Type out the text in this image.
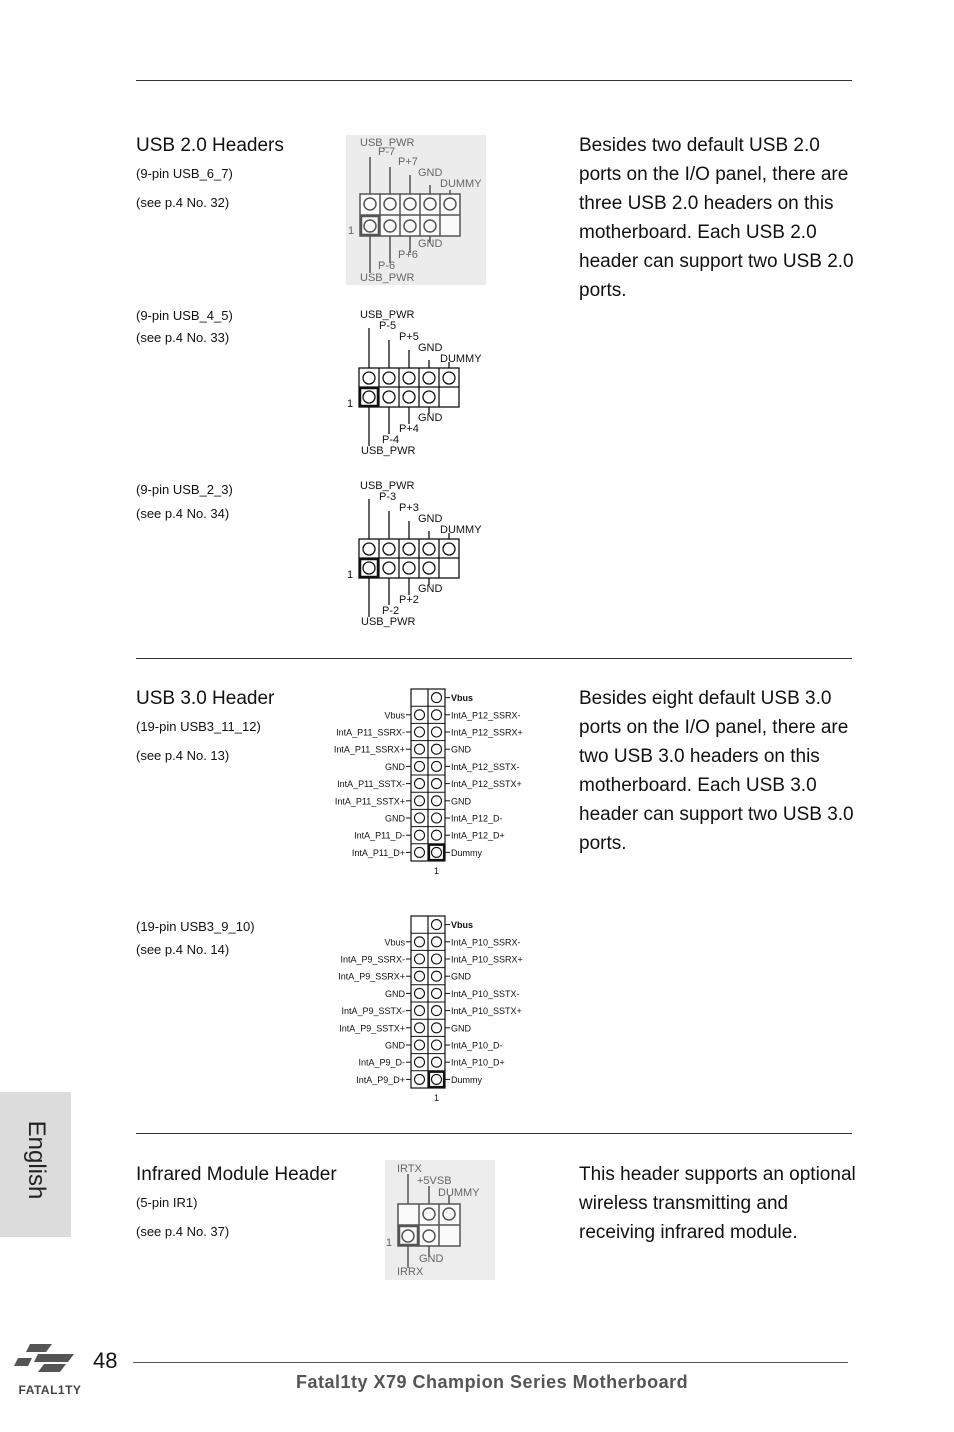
USB 2.0 Headers
(9-pin USB_6_7)
(see p.4 No. 32)
Besides two default USB 2.0 ports on the I/O panel, there are three USB 2.0 headers on this motherboard. Each USB 2.0 header can support two USB 2.0 ports.
USB_PWR
P-7
P+7
GND
DUMMY
1
GND
P+6
P-6
USB_PWR
(9-pin USB_4_5)
(see p.4 No. 33)
USB_PWR
P-5
P+5
GND
DUMMY
1
GND
P+4
P-4
USB_PWR
(9-pin USB_2_3)
(see p.4 No. 34)
USB_PWR
P-3
P+3
GND
DUMMY
1
GND
P+2
P-2
USB_PWR
USB 3.0 Header
(19-pin USB3_11_12)
(see p.4 No. 13)
Besides eight default USB 3.0 ports on the I/O panel, there are two USB 3.0 headers on this motherboard. Each USB 3.0 header can support two USB 3.0 ports.
(19-pin USB3_9_10)
(see p.4 No. 14)
Vbus
IntA_P12_SSRX-
IntA_P12_SSRX+
GND
IntA_P12_SSTX-
IntA_P12_SSTX+
GND
IntA_P12_D-
IntA_P12_D+
Dummy
Vbus
IntA_P11_SSRX-
IntA_P11_SSRX+
GND
IntA_P11_SSTX-
IntA_P11_SSTX+
GND
IntA_P11_D-
IntA_P11_D+
1
Vbus
IntA_P10_SSRX-
IntA_P10_SSRX+
GND
IntA_P10_SSTX-
IntA_P10_SSTX+
GND
IntA_P10_D-
IntA_P10_D+
Dummy
Vbus
IntA_P9_SSRX-
IntA_P9_SSRX+
GND
IntA_P9_SSTX-
IntA_P9_SSTX+
GND
IntA_P9_D-
IntA_P9_D+
1
Infrared Module Header
(5-pin IR1)
(see p.4 No. 37)
This header supports an optional wireless transmitting and receiving infrared module.
IRTX
+5VSB
DUMMY
1
GND
IRRX
English
FATAL1TY
48
Fatal1ty X79 Champion Series Motherboard
